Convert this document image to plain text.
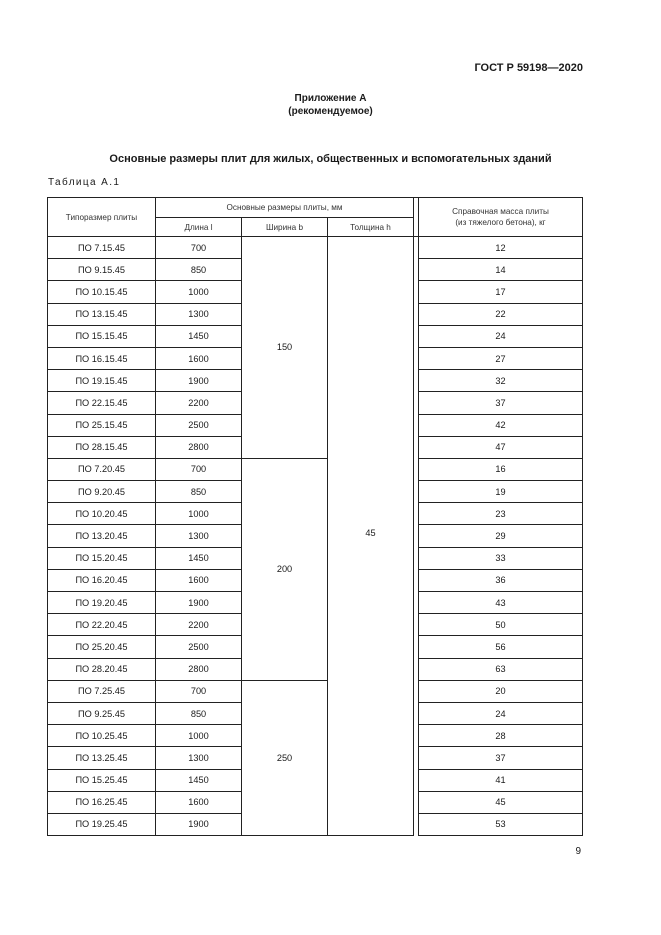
ГОСТ Р 59198—2020
Приложение А
(рекомендуемое)
Основные размеры плит для жилых, общественных и вспомогательных зданий
Таблица А.1
Типоразмер плиты	Основные размеры плиты, мм				Справочная масса плиты
(из тяжелого бетона), кг
	Длина l	Ширина b	Толщина h		
ПО 7.15.45	700	150	45		12
ПО 9.15.45	850				14
ПО 10.15.45	1000				17
ПО 13.15.45	1300				22
ПО 15.15.45	1450				24
ПО 16.15.45	1600				27
ПО 19.15.45	1900				32
ПО 22.15.45	2200				37
ПО 25.15.45	2500				42
ПО 28.15.45	2800				47
ПО 7.20.45	700	200			16
ПО 9.20.45	850				19
ПО 10.20.45	1000				23
ПО 13.20.45	1300				29
ПО 15.20.45	1450				33
ПО 16.20.45	1600				36
ПО 19.20.45	1900				43
ПО 22.20.45	2200				50
ПО 25.20.45	2500				56
ПО 28.20.45	2800				63
ПО 7.25.45	700	250			20
ПО 9.25.45	850				24
ПО 10.25.45	1000				28
ПО 13.25.45	1300				37
ПО 15.25.45	1450				41
ПО 16.25.45	1600				45
ПО 19.25.45	1900				53
9
